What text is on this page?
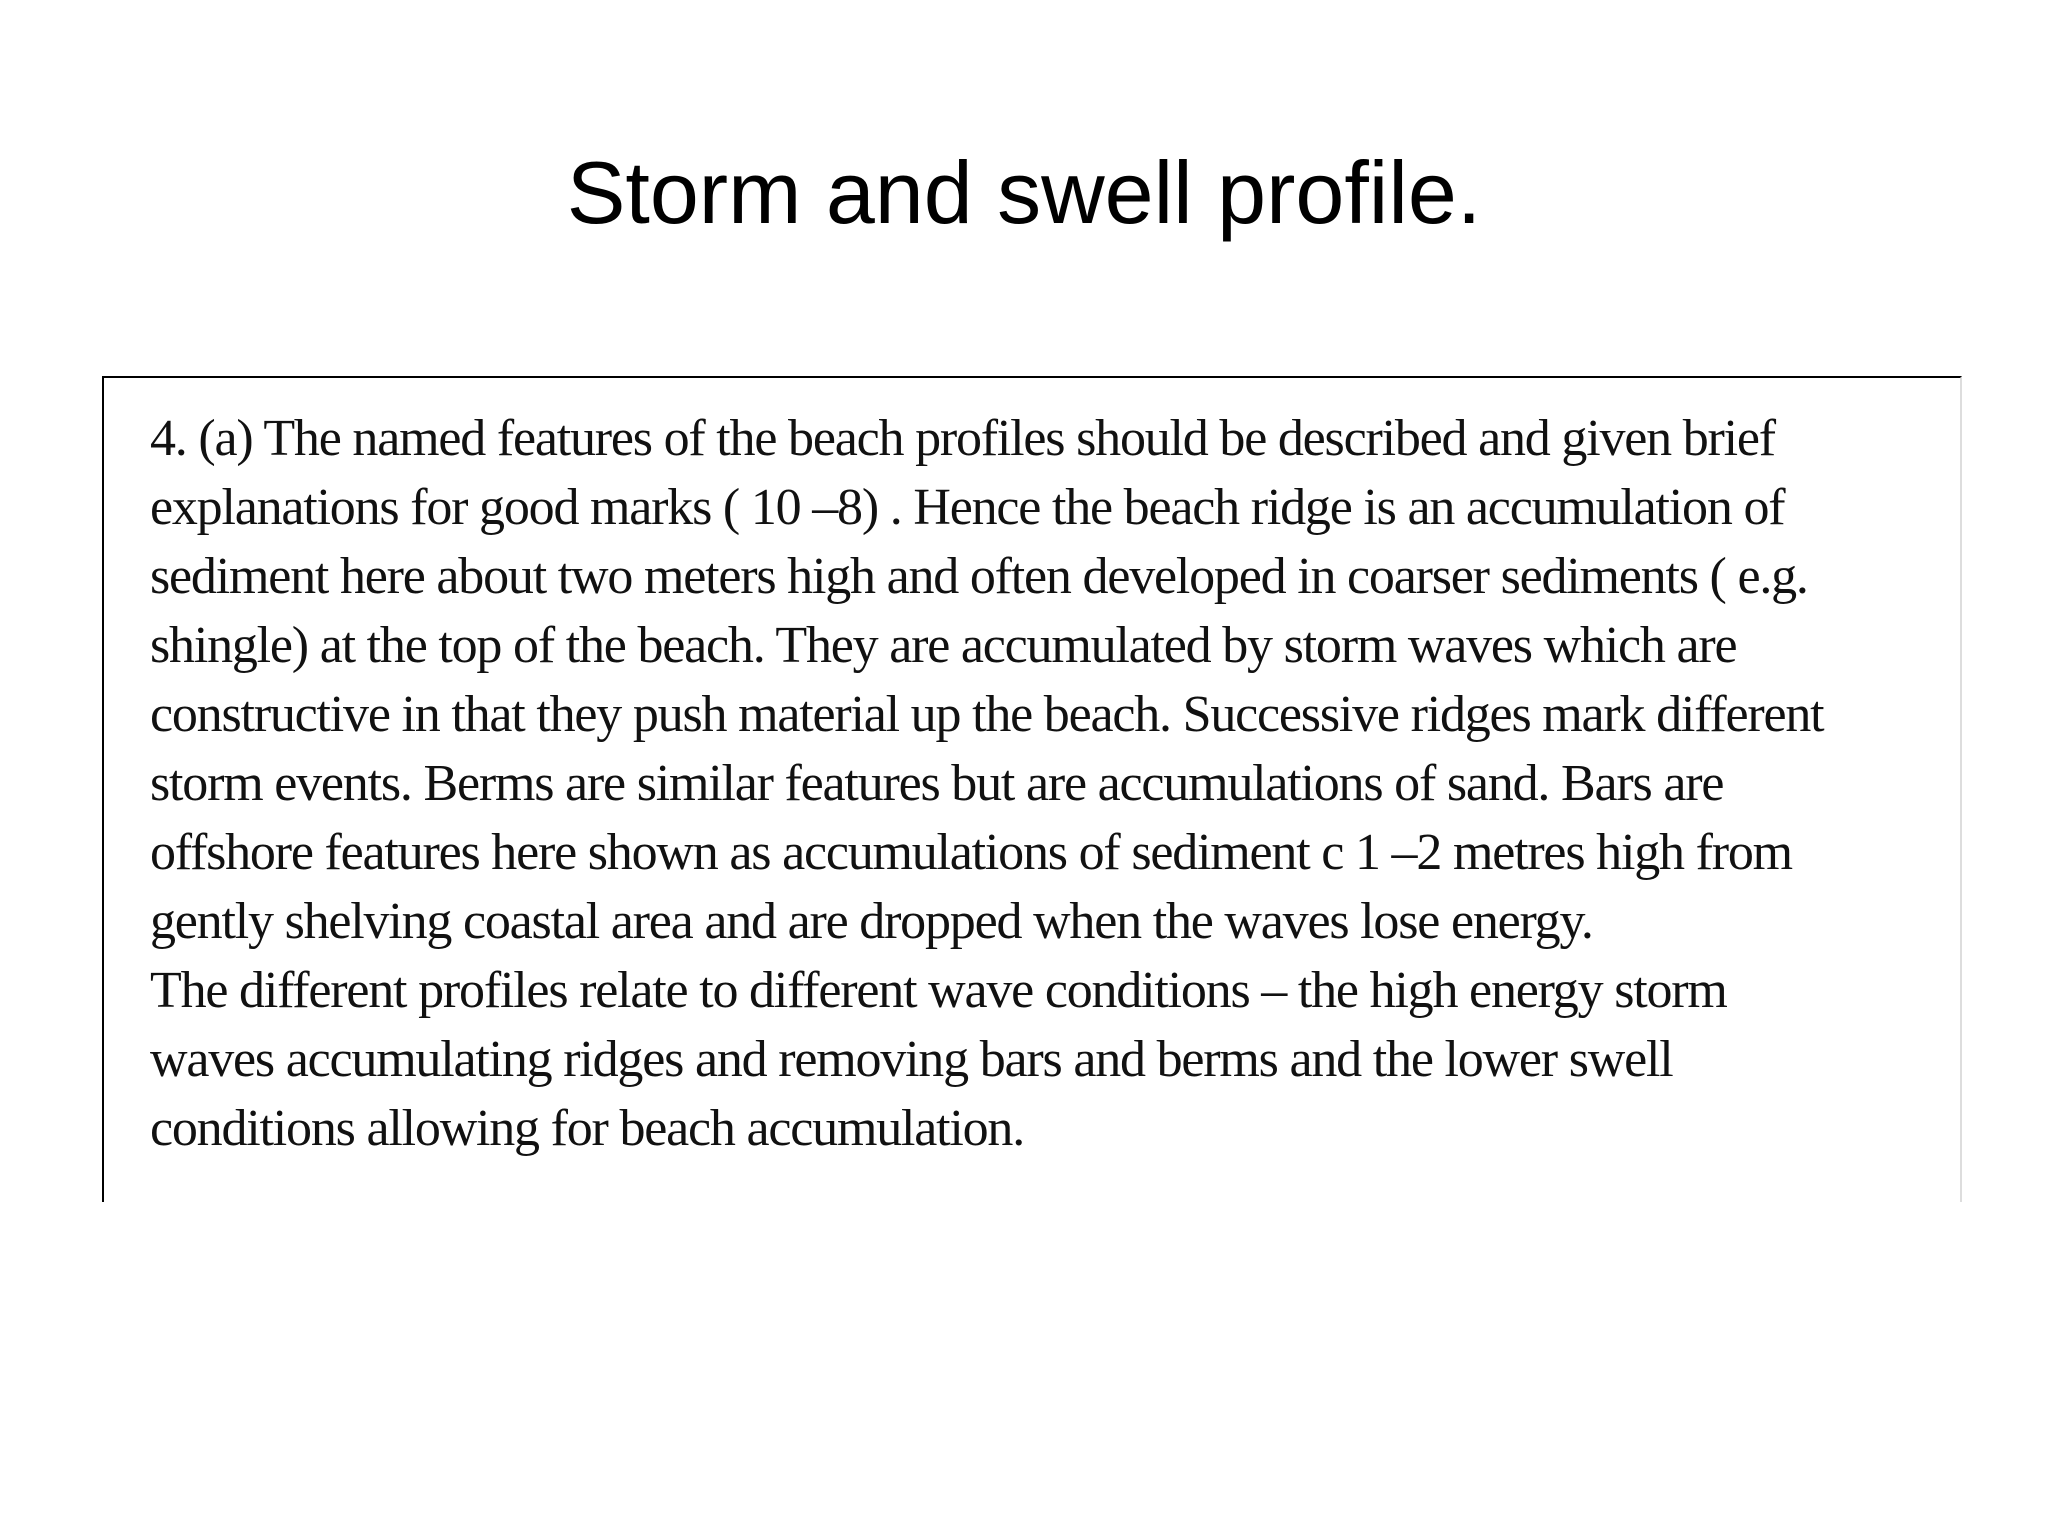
Storm and swell profile.

4. (a) The named features of the beach profiles should be described and given brief
explanations for good marks ( 10 –8) . Hence the beach ridge is an accumulation of
sediment here about two meters high and often developed in coarser sediments ( e.g.
shingle) at the top of the beach. They are accumulated by storm waves which are
constructive in that they push material up the beach. Successive ridges mark different
storm events. Berms are similar features but are accumulations of sand. Bars are
offshore features here shown as accumulations of sediment c 1 –2 metres high from
gently shelving coastal area and are dropped when the waves lose energy.
The different profiles relate to different wave conditions – the high energy storm
waves accumulating ridges and removing bars and berms and the lower swell
conditions allowing for beach accumulation.
